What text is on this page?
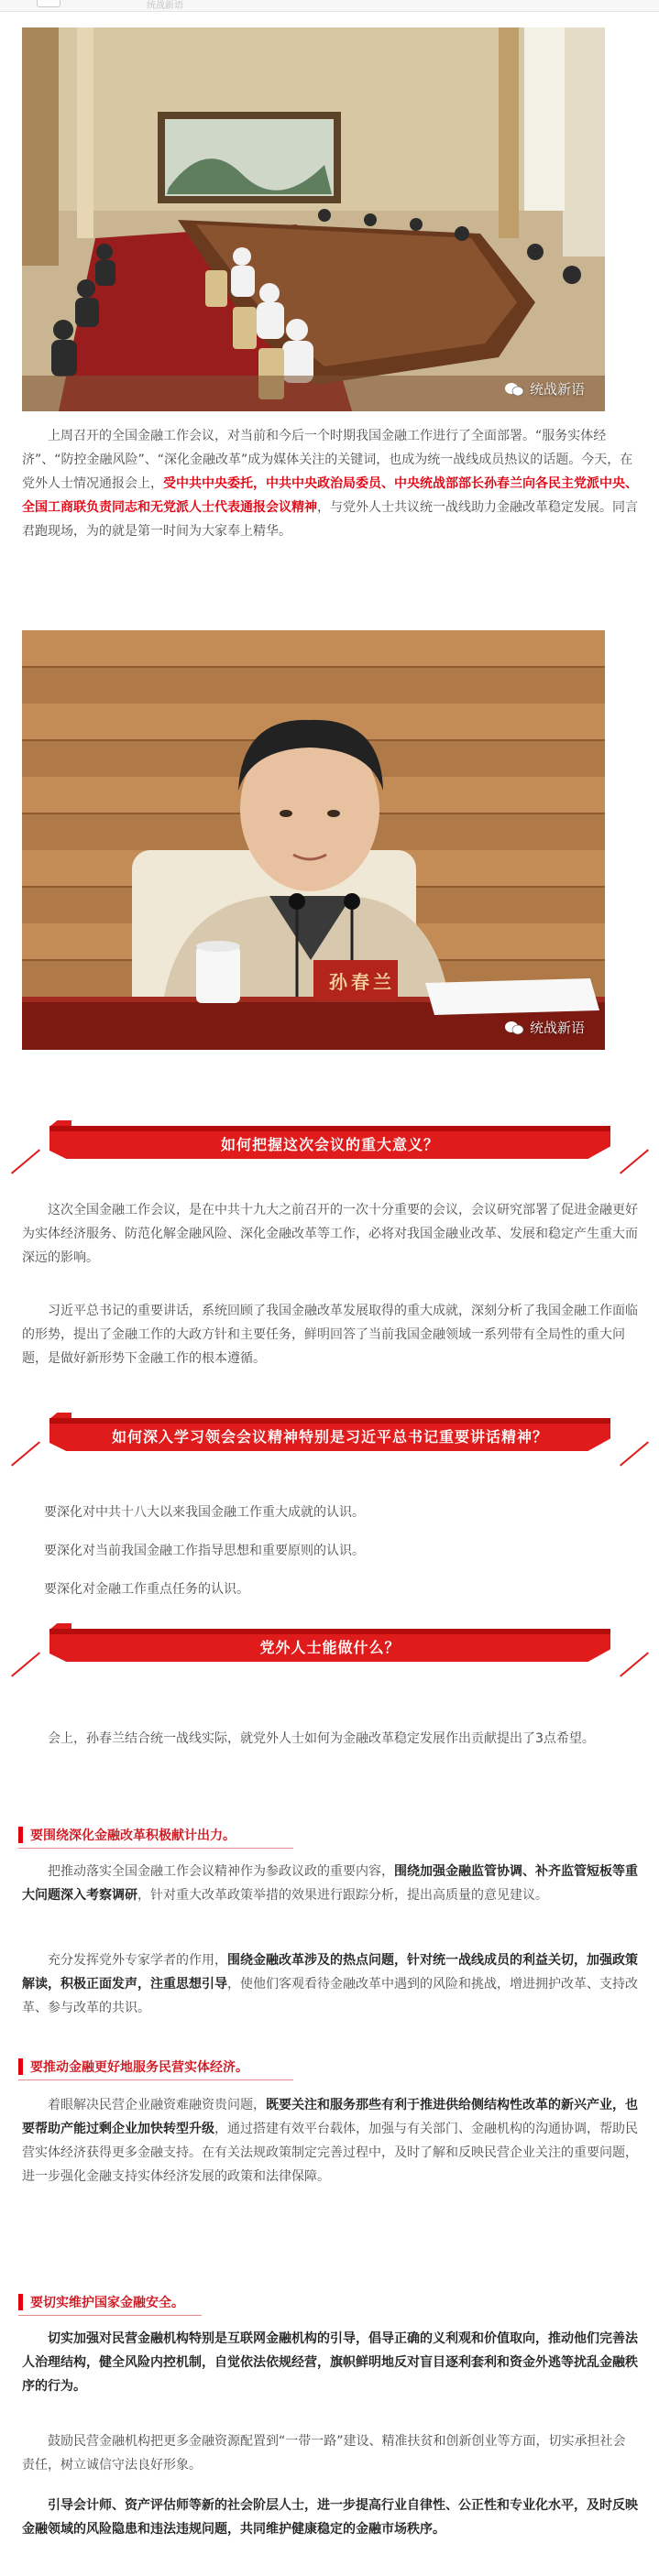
统战新语
统战新语

上周召开的全国金融工作会议，对当前和今后一个时期我国金融工作进行了全面部署。“服务实体经济”、“防控金融风险”、“深化金融改革”成为媒体关注的关键词，也成为统一战线成员热议的话题。今天，在党外人士情况通报会上，受中共中央委托，中共中央政治局委员、中央统战部部长孙春兰向各民主党派中央、全国工商联负责同志和无党派人士代表通报会议精神，与党外人士共议统一战线助力金融改革稳定发展。同言君跑现场，为的就是第一时间为大家奉上精华。

孙春兰
统战新语
如何把握这次会议的重大意义？

这次全国金融工作会议，是在中共十九大之前召开的一次十分重要的会议，会议研究部署了促进金融更好为实体经济服务、防范化解金融风险、深化金融改革等工作，必将对我国金融业改革、发展和稳定产生重大而深远的影响。

习近平总书记的重要讲话，系统回顾了我国金融改革发展取得的重大成就，深刻分析了我国金融工作面临的形势，提出了金融工作的大政方针和主要任务，鲜明回答了当前我国金融领域一系列带有全局性的重大问题，是做好新形势下金融工作的根本遵循。

如何深入学习领会会议精神特别是习近平总书记重要讲话精神？
要深化对中共十八大以来我国金融工作重大成就的认识。
要深化对当前我国金融工作指导思想和重要原则的认识。
要深化对金融工作重点任务的认识。
党外人士能做什么？

会上，孙春兰结合统一战线实际，就党外人士如何为金融改革稳定发展作出贡献提出了3点希望。

要围绕深化金融改革积极献计出力。

把推动落实全国金融工作会议精神作为参政议政的重要内容，围绕加强金融监管协调、补齐监管短板等重大问题深入考察调研，针对重大改革政策举措的效果进行跟踪分析，提出高质量的意见建议。

充分发挥党外专家学者的作用，围绕金融改革涉及的热点问题，针对统一战线成员的利益关切，加强政策解读，积极正面发声，注重思想引导，使他们客观看待金融改革中遇到的风险和挑战，增进拥护改革、支持改革、参与改革的共识。

要推动金融更好地服务民营实体经济。

着眼解决民营企业融资难融资贵问题，既要关注和服务那些有利于推进供给侧结构性改革的新兴产业，也要帮助产能过剩企业加快转型升级，通过搭建有效平台载体，加强与有关部门、金融机构的沟通协调，帮助民营实体经济获得更多金融支持。在有关法规政策制定完善过程中，及时了解和反映民营企业关注的重要问题，进一步强化金融支持实体经济发展的政策和法律保障。

要切实维护国家金融安全。

切实加强对民营金融机构特别是互联网金融机构的引导，倡导正确的义利观和价值取向，推动他们完善法人治理结构，健全风险内控机制，自觉依法依规经营，旗帜鲜明地反对盲目逐利套利和资金外逃等扰乱金融秩序的行为。

鼓励民营金融机构把更多金融资源配置到“一带一路”建设、精准扶贫和创新创业等方面，切实承担社会责任，树立诚信守法良好形象。

引导会计师、资产评估师等新的社会阶层人士，进一步提高行业自律性、公正性和专业化水平，及时反映金融领域的风险隐患和违法违规问题，共同维护健康稳定的金融市场秩序。
